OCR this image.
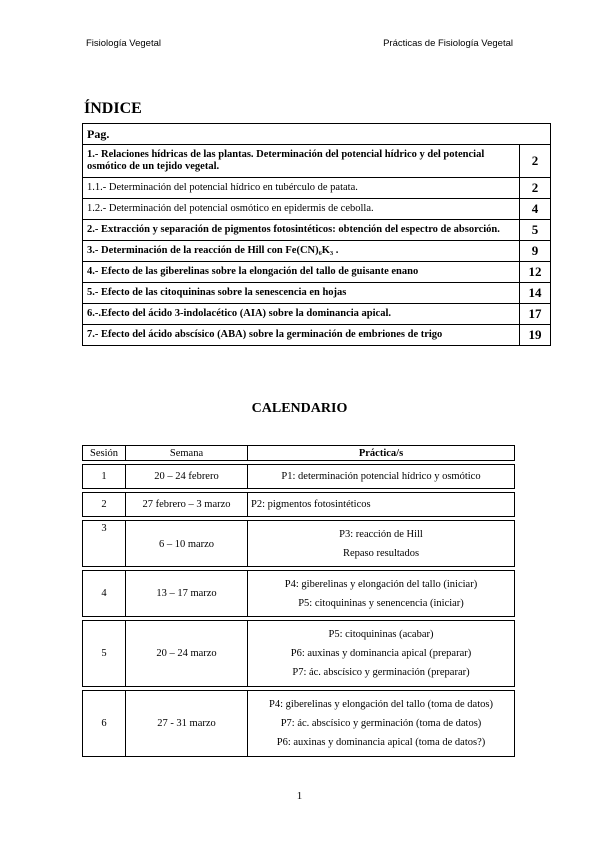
Fisiología Vegetal	Prácticas de Fisiología Vegetal
ÍNDICE
Pag.	
1.- Relaciones hídricas de las plantas. Determinación del potencial hídrico y del potencial osmótico de un tejido vegetal.	2
1.1.- Determinación del potencial hídrico en tubérculo de patata.	2
1.2.- Determinación del potencial osmótico en epidermis de cebolla.	4
2.- Extracción y separación de pigmentos fotosintéticos: obtención del espectro de absorción.	5
3.- Determinación de la reacción de Hill con Fe(CN)₆K₃ .	9
4.- Efecto de las giberelinas sobre la elongación del tallo de guisante enano	12
5.- Efecto de las citoquininas sobre la senescencia en hojas	14
6.-.Efecto del ácido 3-indolacético (AIA) sobre la dominancia apical.	17
7.- Efecto del ácido abscísico (ABA) sobre la germinación de embriones de trigo	19
CALENDARIO
Sesión	Semana	Práctica/s

1	20 – 24 febrero	P1: determinación potencial hídrico y osmótico

2	27 febrero – 3 marzo	P2: pigmentos fotosintéticos

3	6 – 10 marzo	P3: reacción de Hill
Repaso resultados

4	13 – 17 marzo	P4: giberelinas y elongación del tallo (iniciar)
P5: citoquininas y senencencia (iniciar)

5	20 – 24 marzo	P5: citoquininas (acabar)
P6: auxinas y dominancia apical (preparar)
P7: ác. abscísico y germinación (preparar)

6	27 - 31 marzo	P4: giberelinas y elongación del tallo (toma de datos)
P7: ác. abscísico y germinación (toma de datos)
P6: auxinas y dominancia apical (toma de datos?)
1
